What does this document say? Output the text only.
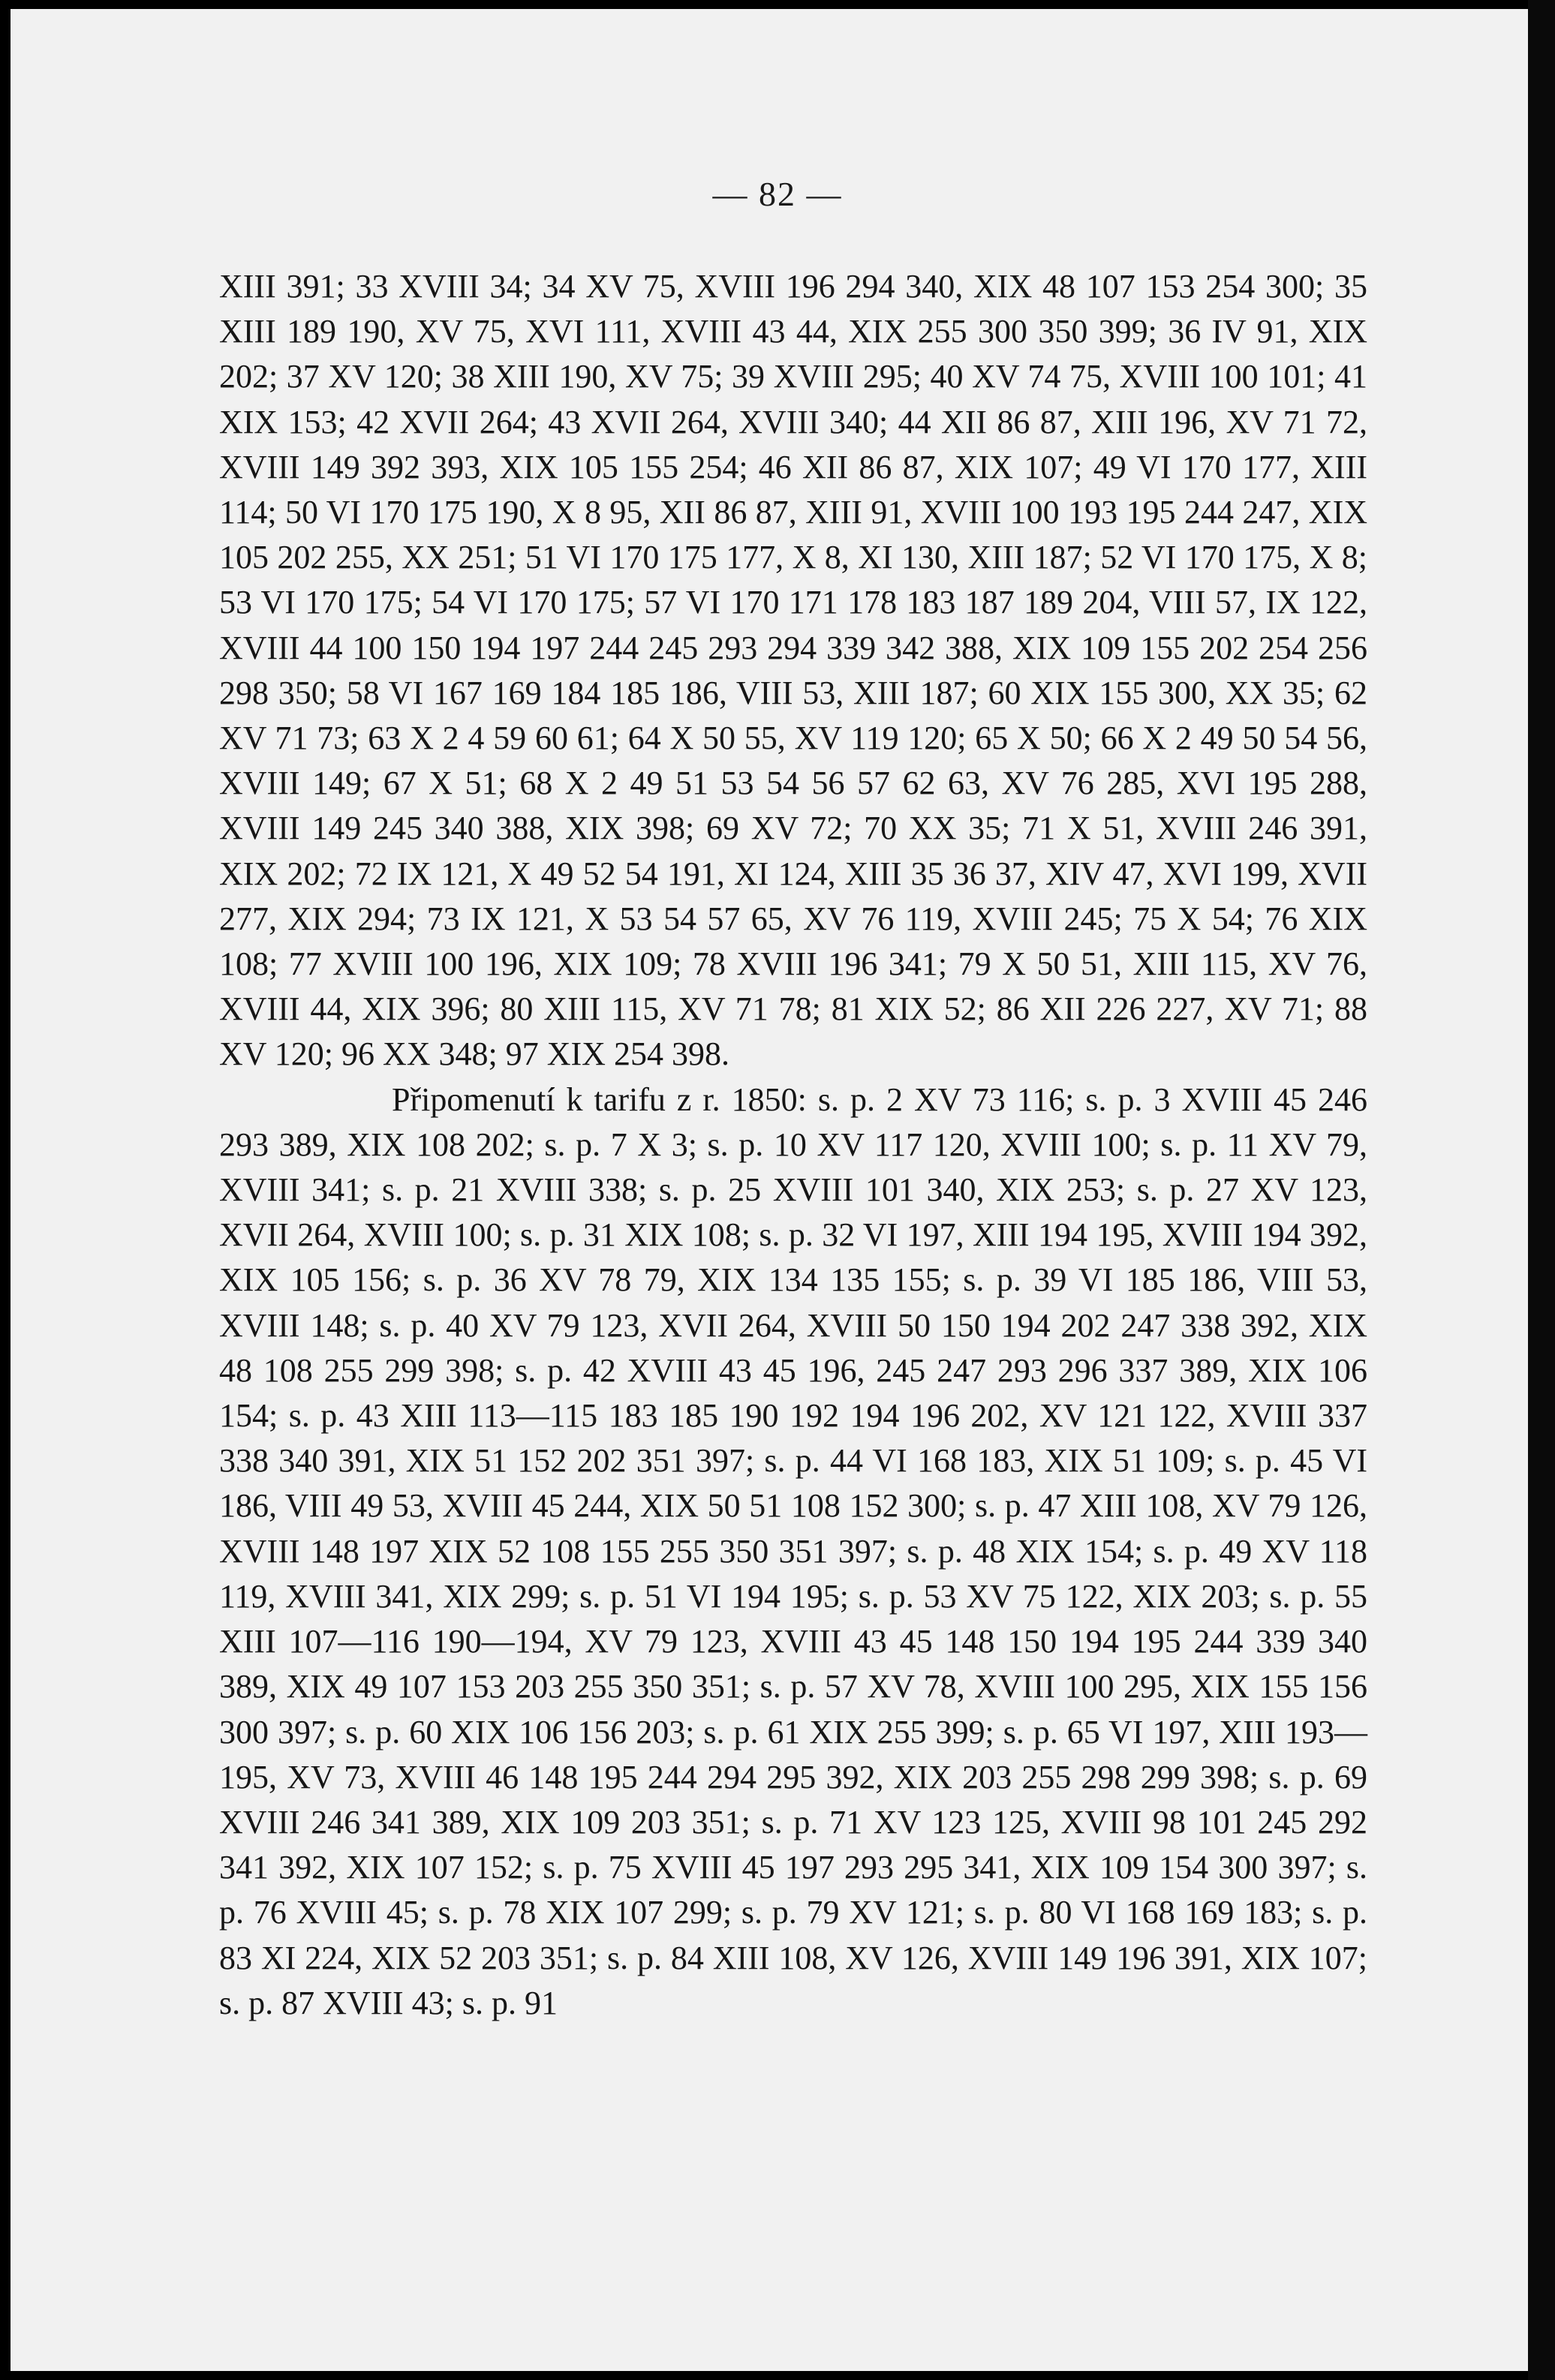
— 82 —

XIII 391; 33 XVIII 34; 34 XV 75, XVIII 196 294 340, XIX 48 107 153 254 300; 35 XIII 189 190, XV 75, XVI 111, XVIII 43 44, XIX 255 300 350 399; 36 IV 91, XIX 202; 37 XV 120; 38 XIII 190, XV 75; 39 XVIII 295; 40 XV 74 75, XVIII 100 101; 41 XIX 153; 42 XVII 264; 43 XVII 264, XVIII 340; 44 XII 86 87, XIII 196, XV 71 72, XVIII 149 392 393, XIX 105 155 254; 46 XII 86 87, XIX 107; 49 VI 170 177, XIII 114; 50 VI 170 175 190, X 8 95, XII 86 87, XIII 91, XVIII 100 193 195 244 247, XIX 105 202 255, XX 251; 51 VI 170 175 177, X 8, XI 130, XIII 187; 52 VI 170 175, X 8; 53 VI 170 175; 54 VI 170 175; 57 VI 170 171 178 183 187 189 204, VIII 57, IX 122, XVIII 44 100 150 194 197 244 245 293 294 339 342 388, XIX 109 155 202 254 256 298 350; 58 VI 167 169 184 185 186, VIII 53, XIII 187; 60 XIX 155 300, XX 35; 62 XV 71 73; 63 X 2 4 59 60 61; 64 X 50 55, XV 119 120; 65 X 50; 66 X 2 49 50 54 56, XVIII 149; 67 X 51; 68 X 2 49 51 53 54 56 57 62 63, XV 76 285, XVI 195 288, XVIII 149 245 340 388, XIX 398; 69 XV 72; 70 XX 35; 71 X 51, XVIII 246 391, XIX 202; 72 IX 121, X 49 52 54 191, XI 124, XIII 35 36 37, XIV 47, XVI 199, XVII 277, XIX 294; 73 IX 121, X 53 54 57 65, XV 76 119, XVIII 245; 75 X 54; 76 XIX 108; 77 XVIII 100 196, XIX 109; 78 XVIII 196 341; 79 X 50 51, XIII 115, XV 76, XVIII 44, XIX 396; 80 XIII 115, XV 71 78; 81 XIX 52; 86 XII 226 227, XV 71; 88 XV 120; 96 XX 348; 97 XIX 254 398.

Připomenutí k tarifu z r. 1850: s. p. 2 XV 73 116; s. p. 3 XVIII 45 246 293 389, XIX 108 202; s. p. 7 X 3; s. p. 10 XV 117 120, XVIII 100; s. p. 11 XV 79, XVIII 341; s. p. 21 XVIII 338; s. p. 25 XVIII 101 340, XIX 253; s. p. 27 XV 123, XVII 264, XVIII 100; s. p. 31 XIX 108; s. p. 32 VI 197, XIII 194 195, XVIII 194 392, XIX 105 156; s. p. 36 XV 78 79, XIX 134 135 155; s. p. 39 VI 185 186, VIII 53, XVIII 148; s. p. 40 XV 79 123, XVII 264, XVIII 50 150 194 202 247 338 392, XIX 48 108 255 299 398; s. p. 42 XVIII 43 45 196, 245 247 293 296 337 389, XIX 106 154; s. p. 43 XIII 113—115 183 185 190 192 194 196 202, XV 121 122, XVIII 337 338 340 391, XIX 51 152 202 351 397; s. p. 44 VI 168 183, XIX 51 109; s. p. 45 VI 186, VIII 49 53, XVIII 45 244, XIX 50 51 108 152 300; s. p. 47 XIII 108, XV 79 126, XVIII 148 197 XIX 52 108 155 255 350 351 397; s. p. 48 XIX 154; s. p. 49 XV 118 119, XVIII 341, XIX 299; s. p. 51 VI 194 195; s. p. 53 XV 75 122, XIX 203; s. p. 55 XIII 107—116 190—194, XV 79 123, XVIII 43 45 148 150 194 195 244 339 340 389, XIX 49 107 153 203 255 350 351; s. p. 57 XV 78, XVIII 100 295, XIX 155 156 300 397; s. p. 60 XIX 106 156 203; s. p. 61 XIX 255 399; s. p. 65 VI 197, XIII 193—195, XV 73, XVIII 46 148 195 244 294 295 392, XIX 203 255 298 299 398; s. p. 69 XVIII 246 341 389, XIX 109 203 351; s. p. 71 XV 123 125, XVIII 98 101 245 292 341 392, XIX 107 152; s. p. 75 XVIII 45 197 293 295 341, XIX 109 154 300 397; s. p. 76 XVIII 45; s. p. 78 XIX 107 299; s. p. 79 XV 121; s. p. 80 VI 168 169 183; s. p. 83 XI 224, XIX 52 203 351; s. p. 84 XIII 108, XV 126, XVIII 149 196 391, XIX 107; s. p. 87 XVIII 43; s. p. 91
